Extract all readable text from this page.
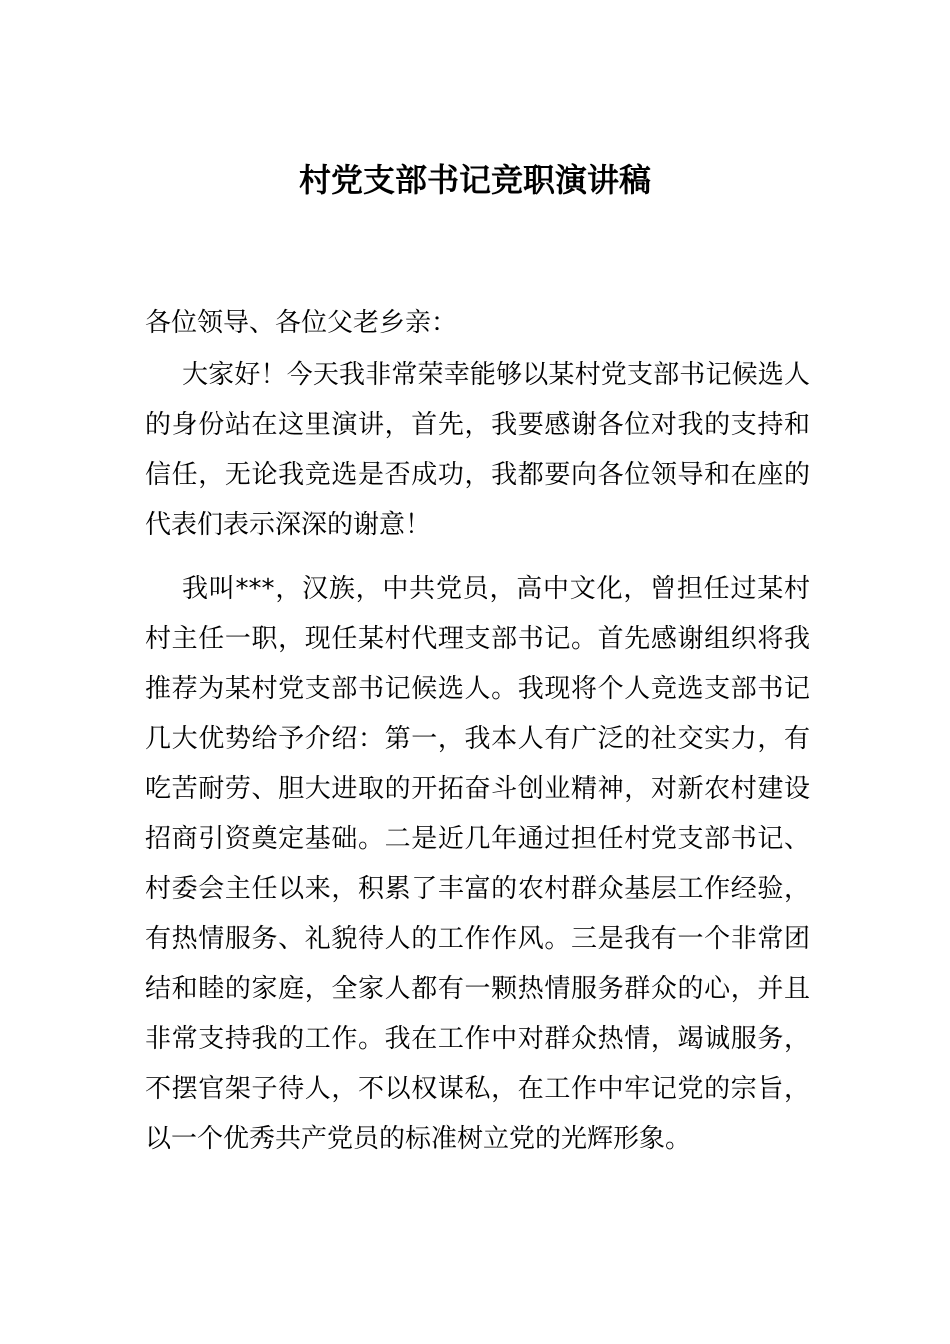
村党支部书记竞职演讲稿
各位领导、各位父老乡亲：
大家好！今天我非常荣幸能够以某村党支部书记候选人
的身份站在这里演讲，首先，我要感谢各位对我的支持和
信任，无论我竞选是否成功，我都要向各位领导和在座的
代表们表示深深的谢意！
我叫***，汉族，中共党员，高中文化，曾担任过某村
村主任一职，现任某村代理支部书记。首先感谢组织将我
推荐为某村党支部书记候选人。我现将个人竞选支部书记
几大优势给予介绍：第一，我本人有广泛的社交实力，有
吃苦耐劳、胆大进取的开拓奋斗创业精神，对新农村建设
招商引资奠定基础。二是近几年通过担任村党支部书记、
村委会主任以来，积累了丰富的农村群众基层工作经验，
有热情服务、礼貌待人的工作作风。三是我有一个非常团
结和睦的家庭，全家人都有一颗热情服务群众的心，并且
非常支持我的工作。我在工作中对群众热情，竭诚服务，
不摆官架子待人，不以权谋私，在工作中牢记党的宗旨，
以一个优秀共产党员的标准树立党的光辉形象。
